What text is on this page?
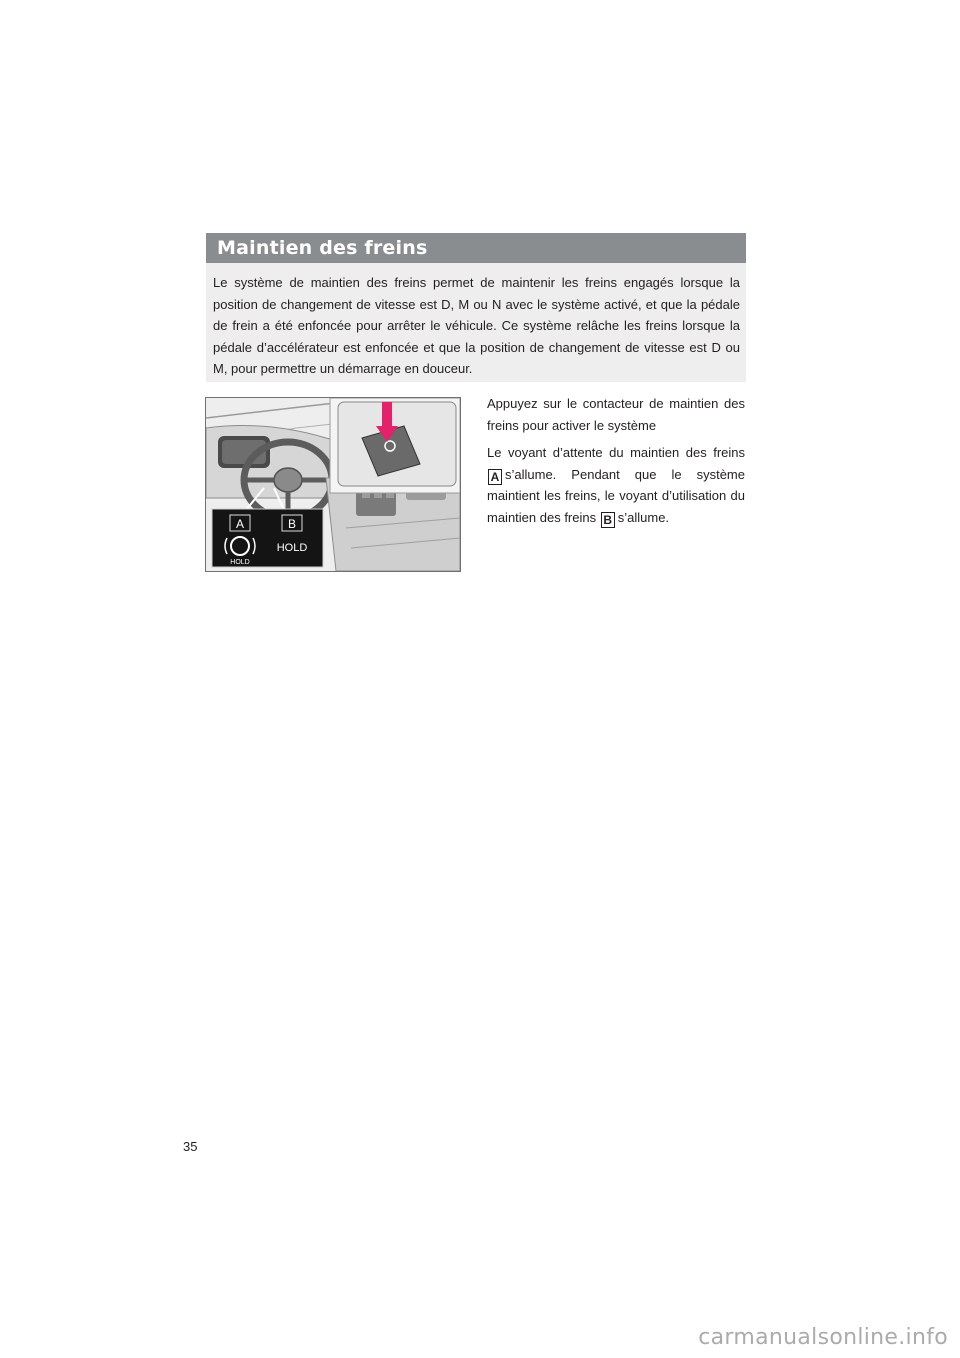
Maintien des freins
Le système de maintien des freins permet de maintenir les freins engagés lorsque la position de changement de vitesse est D, M ou N avec le système activé, et que la pédale de frein a été enfoncée pour arrêter le véhicule. Ce système relâche les freins lorsque la pédale d’accélérateur est enfoncée et que la position de changement de vitesse est D ou M, pour permettre un démarrage en douceur.
A	B
HOLD
HOLD

Appuyez sur le contacteur de maintien des freins pour activer le système

Le voyant d’attente du maintien des freins A s’allume. Pendant que le système maintient les freins, le voyant d’utilisation du maintien des freins B s’allume.

35
carmanualsonline.info
